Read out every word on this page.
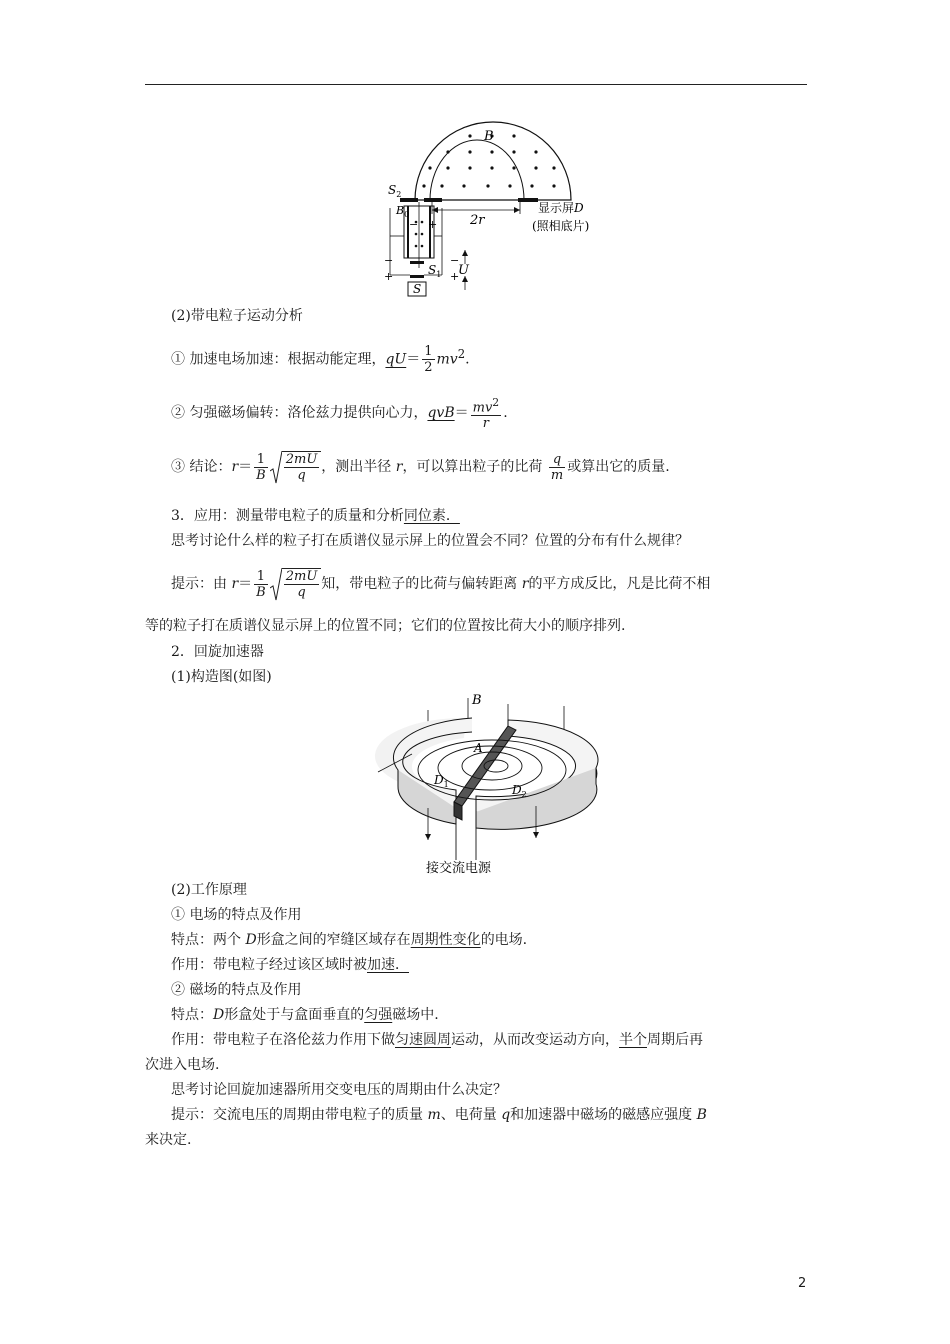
B
$S_2$
$B_0$
− +
−
+	$S_1$
−
+
U
S
2r
显示屏D
(照相底片)
(2)带电粒子运动分析
① 加速电场加速：根据动能定理，$qU= \frac{1}{2} mv^2$.
② 匀强磁场偏转：洛伦兹力提供向心力，$qvB= \frac{mv^2}{r}$ .
③ 结论：$r= \frac{1}{B} \frac{2mU}{q}$ ，测出半径 r，可以算出粒子的比荷 $\frac{q}{m}$ 或算出它的质量.
3．应用：测量带电粒子的质量和分析同位素．
思考讨论什么样的粒子打在质谱仪显示屏上的位置会不同？位置的分布有什么规律？
提示：由 $r= \frac{1}{B} \frac{2mU}{q}$ 知，带电粒子的比荷与偏转距离 r的平方成反比，凡是比荷不相
等的粒子打在质谱仪显示屏上的位置不同；它们的位置按比荷大小的顺序排列.
2．回旋加速器
(1)构造图(如图)
B
A
$D_1$	$D_2$
接交流电源
(2)工作原理
① 电场的特点及作用
特点：两个 D形盒之间的窄缝区域存在周期性变化的电场.
作用：带电粒子经过该区域时被加速．
② 磁场的特点及作用
特点：D形盒处于与盒面垂直的匀强磁场中.
作用：带电粒子在洛伦兹力作用下做匀速圆周运动，从而改变运动方向，半个周期后再
次进入电场.
思考讨论回旋加速器所用交变电压的周期由什么决定？
提示：交流电压的周期由带电粒子的质量 m、电荷量 q和加速器中磁场的磁感应强度 B
来决定.
2
